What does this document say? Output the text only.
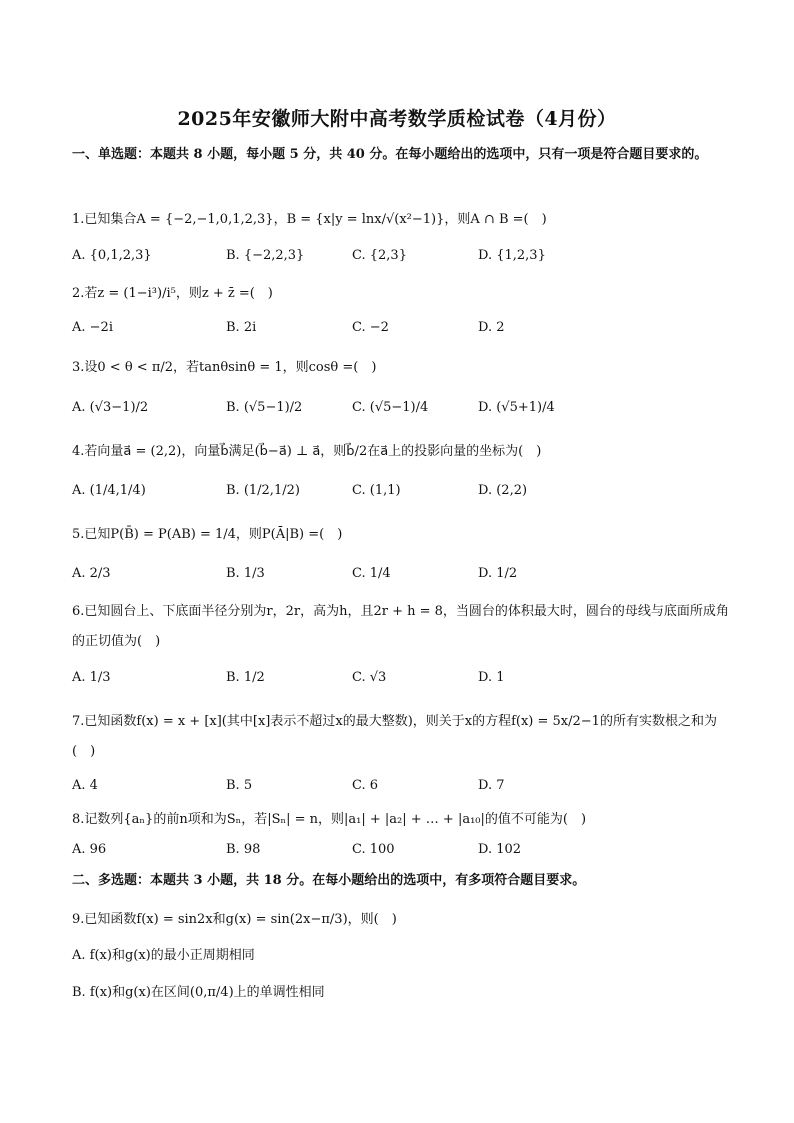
2025年安徽师大附中高考数学质检试卷（4月份）
一、单选题：本题共 8 小题，每小题 5 分，共 40 分。在每小题给出的选项中，只有一项是符合题目要求的。
1.已知集合A = {−2,−1,0,1,2,3}，B = {x|y = lnx/√(x²−1)}，则A ∩ B =(　)
A. {0,1,2,3}	B. {−2,2,3}	C. {2,3}	D. {1,2,3}
2.若z = (1−i³)/i⁵，则z + z̄ =(　)
A. −2i	B. 2i	C. −2	D. 2
3.设0 < θ < π/2，若tanθsinθ = 1，则cosθ =(　)
A. (√3−1)/2	B. (√5−1)/2	C. (√5−1)/4	D. (√5+1)/4
4.若向量a⃗ = (2,2)，向量b⃗满足(b⃗−a⃗) ⊥ a⃗，则b⃗/2在a⃗上的投影向量的坐标为(　)
A. (1/4,1/4)	B. (1/2,1/2)	C. (1,1)	D. (2,2)
5.已知P(B̄) = P(AB) = 1/4，则P(Ā|B) =(　)
A. 2/3	B. 1/3	C. 1/4	D. 1/2
6.已知圆台上、下底面半径分别为r，2r，高为h，且2r + h = 8，当圆台的体积最大时，圆台的母线与底面所成角的正切值为(　)
A. 1/3	B. 1/2	C. √3	D. 1
7.已知函数f(x) = x + [x](其中[x]表示不超过x的最大整数)，则关于x的方程f(x) = 5x/2−1的所有实数根之和为(　)
A. 4	B. 5	C. 6	D. 7
8.记数列{aₙ}的前n项和为Sₙ，若|Sₙ| = n，则|a₁| + |a₂| + … + |a₁₀|的值不可能为(　)
A. 96	B. 98	C. 100	D. 102
二、多选题：本题共 3 小题，共 18 分。在每小题给出的选项中，有多项符合题目要求。
9.已知函数f(x) = sin2x和g(x) = sin(2x−π/3)，则(　)
A. f(x)和g(x)的最小正周期相同
B. f(x)和g(x)在区间(0,π/4)上的单调性相同
